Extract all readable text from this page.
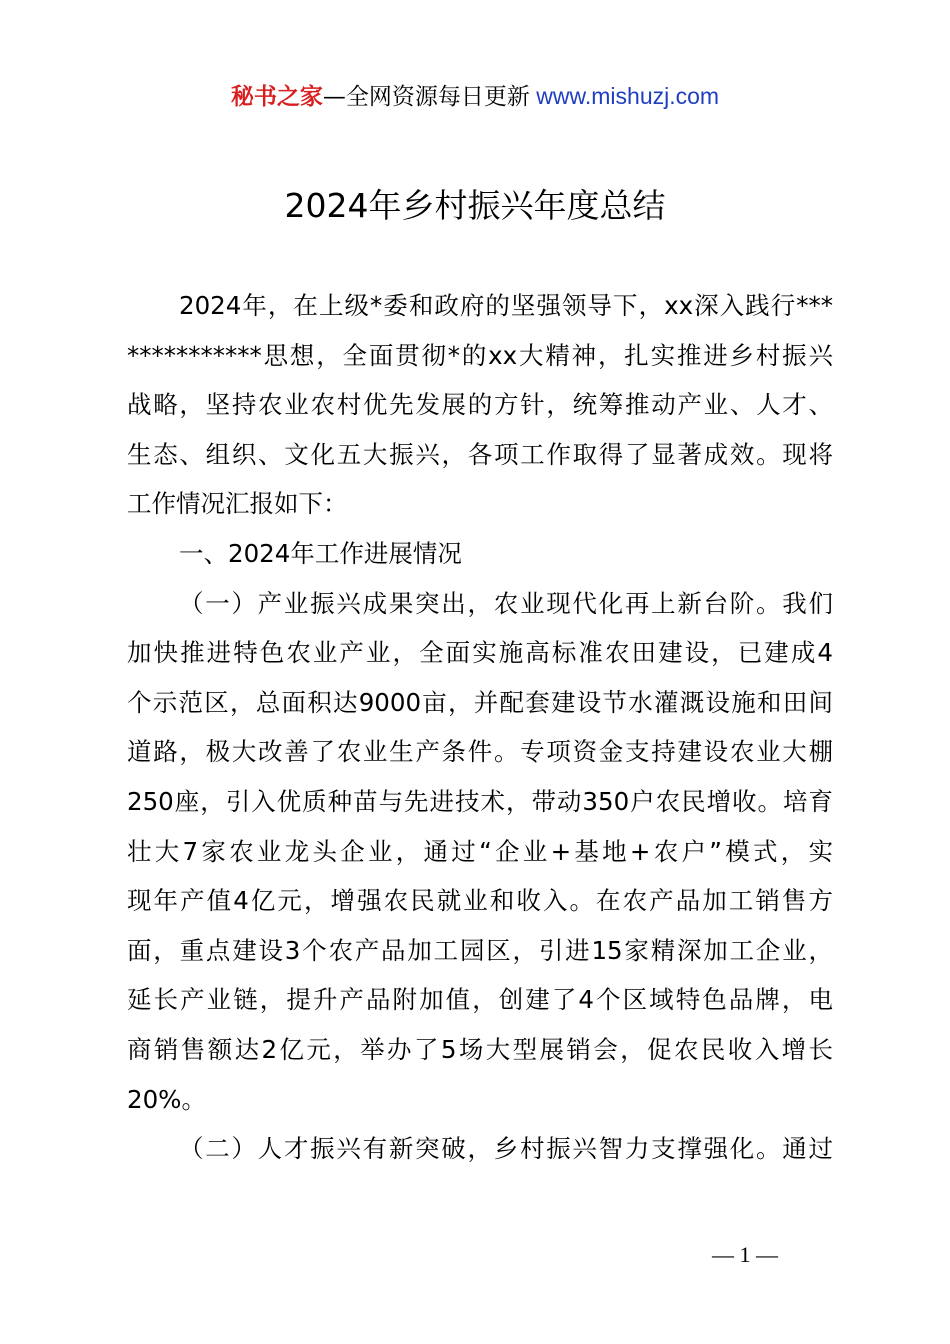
秘书之家—全网资源每日更新 www.mishuzj.com
2024年乡村振兴年度总结
2024年，在上级*委和政府的坚强领导下，xx深入践行***
***********思想，全面贯彻*的xx大精神，扎实推进乡村振兴
战略，坚持农业农村优先发展的方针，统筹推动产业、人才、
生态、组织、文化五大振兴，各项工作取得了显著成效。现将
工作情况汇报如下：
一、2024年工作进展情况
（一）产业振兴成果突出，农业现代化再上新台阶。我们
加快推进特色农业产业，全面实施高标准农田建设，已建成4
个示范区，总面积达9000亩，并配套建设节水灌溉设施和田间
道路，极大改善了农业生产条件。专项资金支持建设农业大棚
250座，引入优质种苗与先进技术，带动350户农民增收。培育
壮大7家农业龙头企业，通过“企业+基地+农户”模式，实
现年产值4亿元，增强农民就业和收入。在农产品加工销售方
面，重点建设3个农产品加工园区，引进15家精深加工企业，
延长产业链，提升产品附加值，创建了4个区域特色品牌，电
商销售额达2亿元，举办了5场大型展销会，促农民收入增长
20%。
（二）人才振兴有新突破，乡村振兴智力支撑强化。通过
— 1 —
